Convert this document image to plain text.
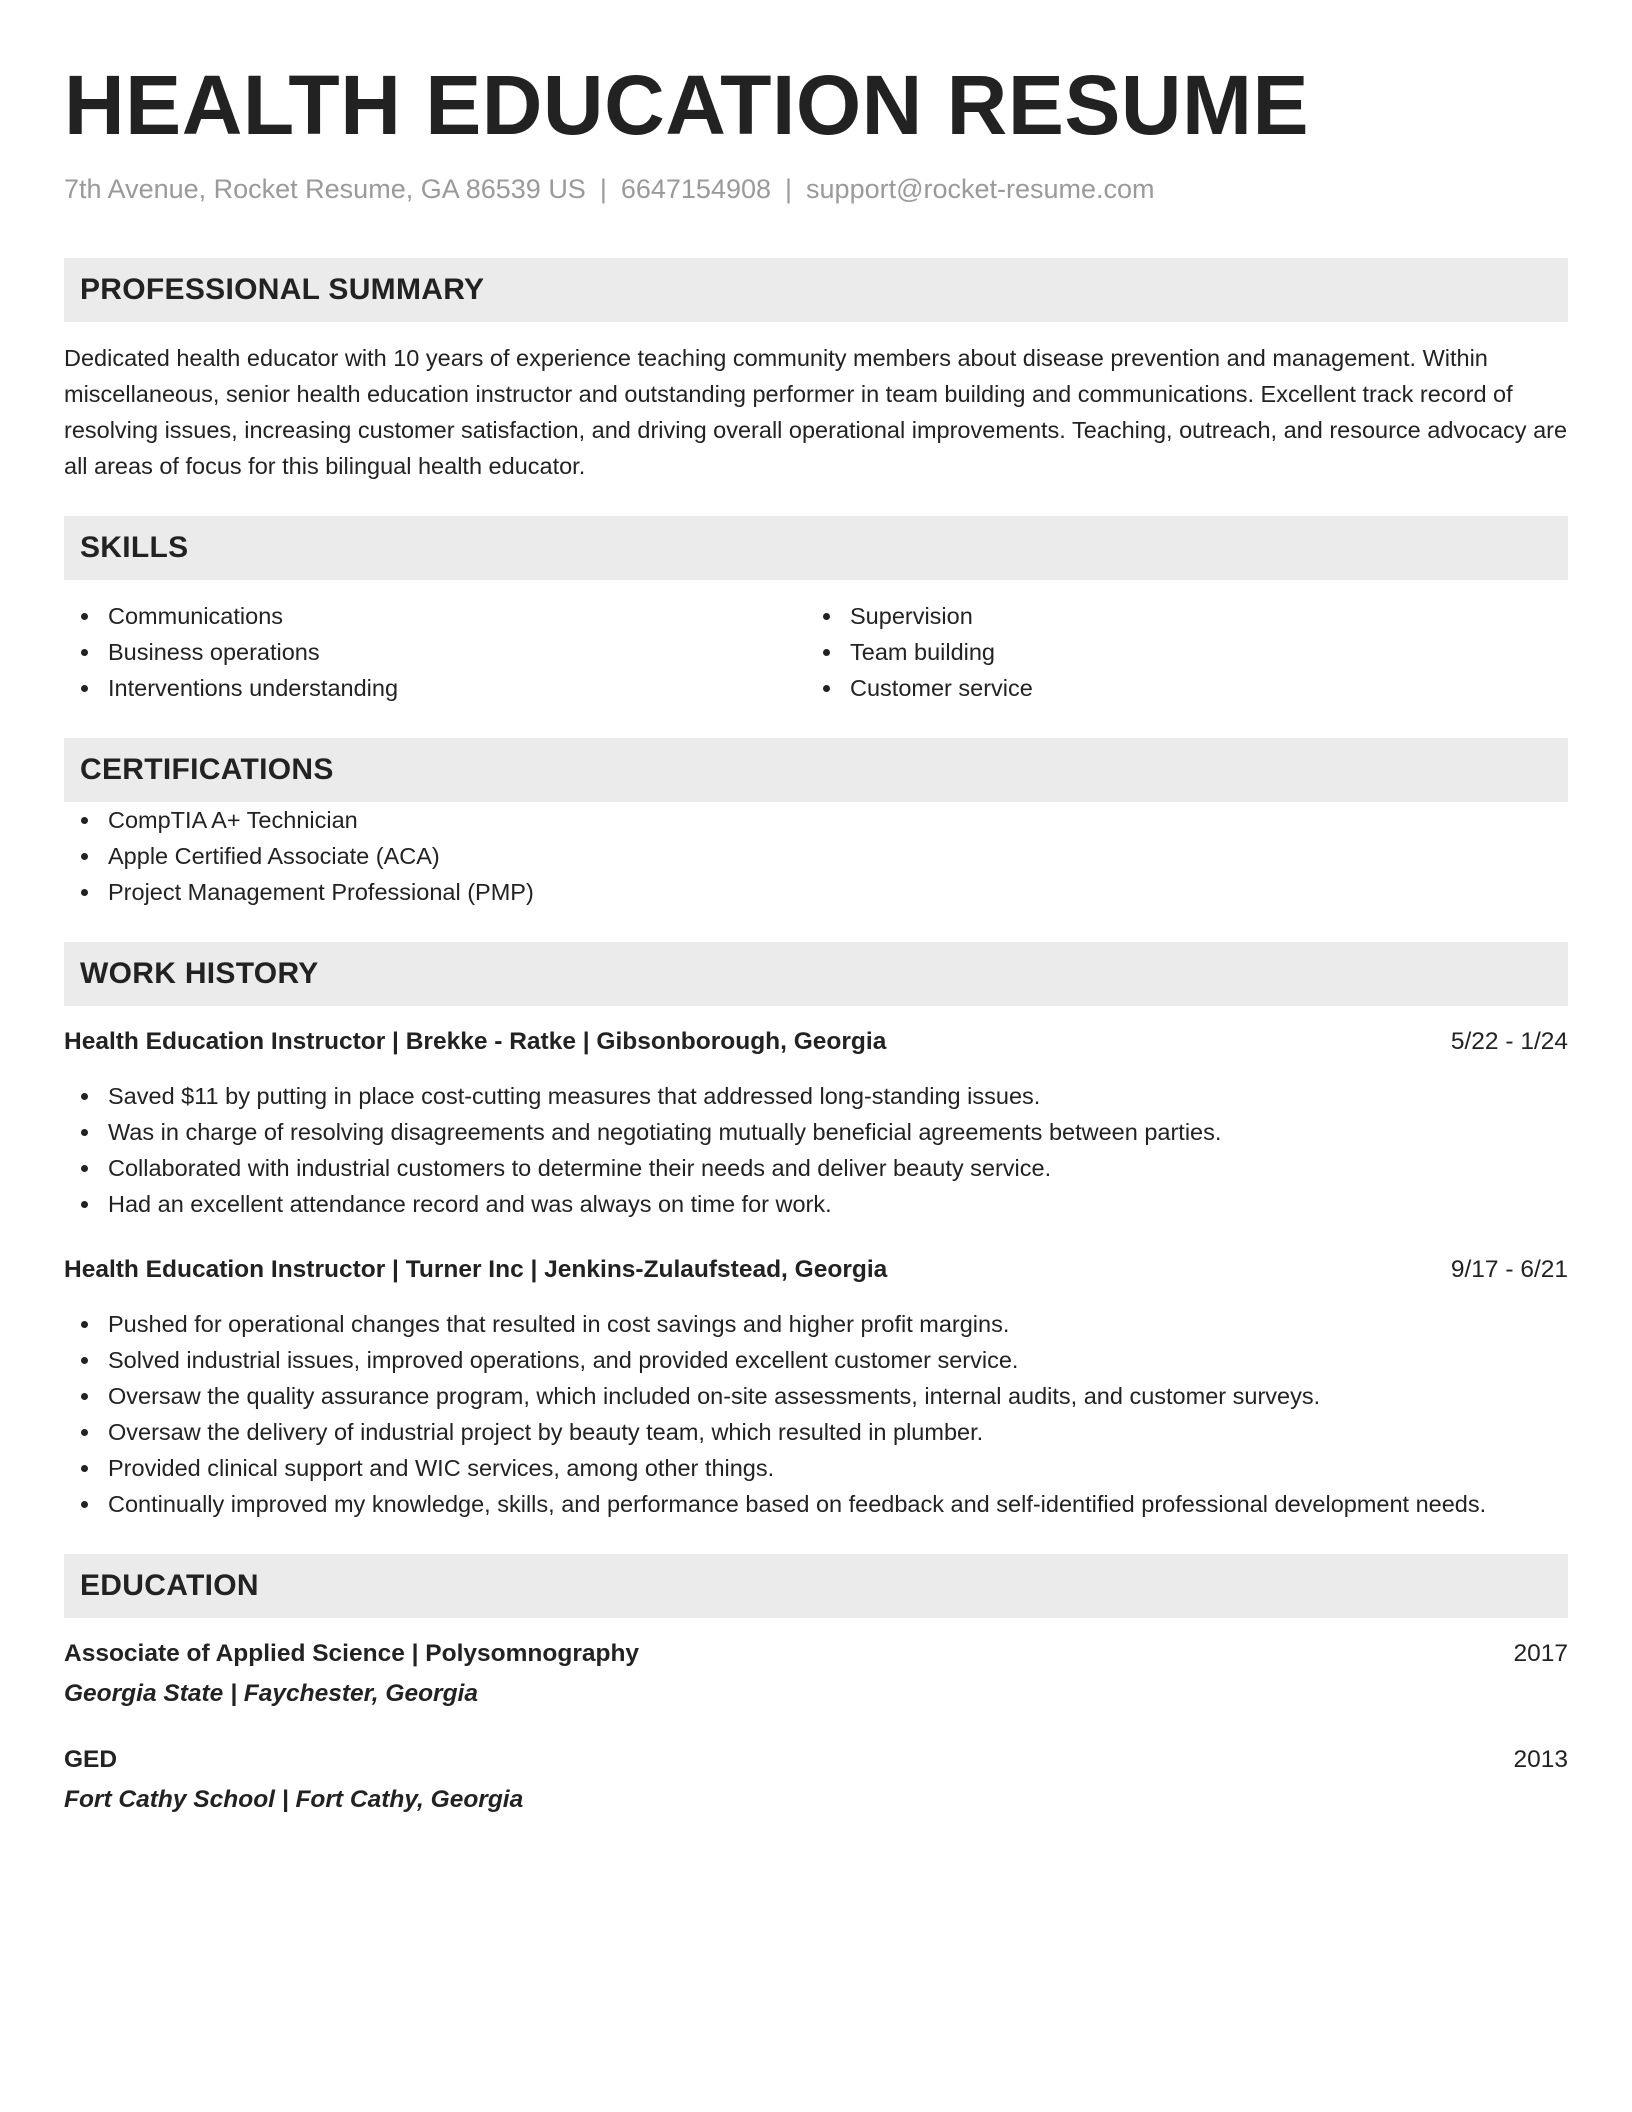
HEALTH EDUCATION RESUME
7th Avenue, Rocket Resume, GA 86539 US | 6647154908 | support@rocket-resume.com
PROFESSIONAL SUMMARY
Dedicated health educator with 10 years of experience teaching community members about disease prevention and management. Within miscellaneous, senior health education instructor and outstanding performer in team building and communications. Excellent track record of resolving issues, increasing customer satisfaction, and driving overall operational improvements. Teaching, outreach, and resource advocacy are all areas of focus for this bilingual health educator.
SKILLS
Communications
Business operations
Interventions understanding
Supervision
Team building
Customer service
CERTIFICATIONS
CompTIA A+ Technician
Apple Certified Associate (ACA)
Project Management Professional (PMP)
WORK HISTORY
Health Education Instructor | Brekke - Ratke | Gibsonborough, Georgia	5/22 - 1/24
Saved $11 by putting in place cost-cutting measures that addressed long-standing issues.
Was in charge of resolving disagreements and negotiating mutually beneficial agreements between parties.
Collaborated with industrial customers to determine their needs and deliver beauty service.
Had an excellent attendance record and was always on time for work.
Health Education Instructor | Turner Inc | Jenkins-Zulaufstead, Georgia	9/17 - 6/21
Pushed for operational changes that resulted in cost savings and higher profit margins.
Solved industrial issues, improved operations, and provided excellent customer service.
Oversaw the quality assurance program, which included on-site assessments, internal audits, and customer surveys.
Oversaw the delivery of industrial project by beauty team, which resulted in plumber.
Provided clinical support and WIC services, among other things.
Continually improved my knowledge, skills, and performance based on feedback and self-identified professional development needs.
EDUCATION
Associate of Applied Science | Polysomnography	2017
Georgia State | Faychester, Georgia
GED	2013
Fort Cathy School | Fort Cathy, Georgia
